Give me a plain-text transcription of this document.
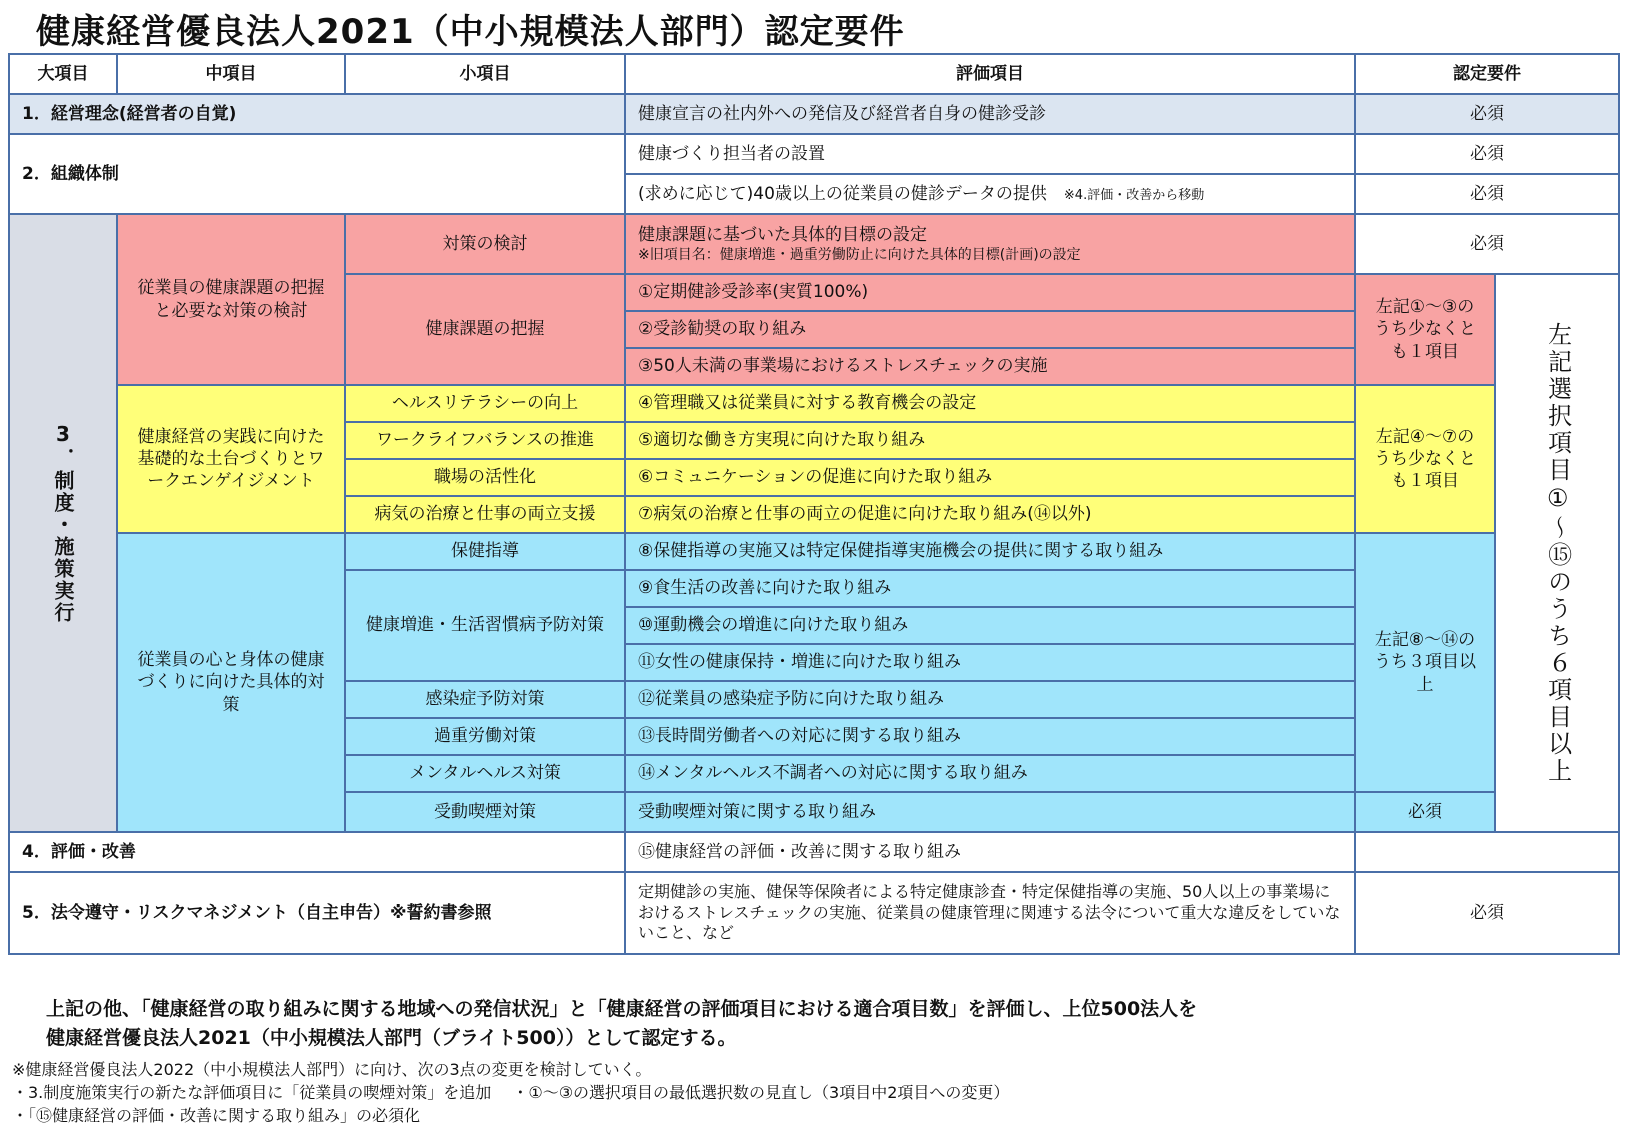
健康経営優良法人2021（中小規模法人部門）認定要件
大項目	中項目	小項目	評価項目	認定要件	
1．経営理念(経営者の自覚)			健康宣言の社内外への発信及び経営者自身の健診受診	必須	
2．組織体制			健康づくり担当者の設置	必須	
			(求めに応じて)40歳以上の従業員の健診データの提供　 ※4.評価・改善から移動	必須	

3．制度・施策実行	従業員の健康課題の把握と必要な対策の検討	対策の検討	健康課題に基づいた具体的目標の設定
※旧項目名：健康増進・過重労働防止に向けた具体的目標(計画)の設定	必須	
		健康課題の把握	①定期健診受診率(実質100%)	左記①～③のうち少なくとも１項目	左記選択項目①～⑮のうち６項目以上

			②受診勧奨の取り組み		
			③50人未満の事業場におけるストレスチェックの実施		
	健康経営の実践に向けた基礎的な土台づくりとワークエンゲイジメント	ヘルスリテラシーの向上	④管理職又は従業員に対する教育機会の設定	左記④～⑦のうち少なくとも１項目	
		ワークライフバランスの推進	⑤適切な働き方実現に向けた取り組み		
		職場の活性化	⑥コミュニケーションの促進に向けた取り組み		
		病気の治療と仕事の両立支援	⑦病気の治療と仕事の両立の促進に向けた取り組み(⑭以外)		
	従業員の心と身体の健康づくりに向けた具体的対策	保健指導	⑧保健指導の実施又は特定保健指導実施機会の提供に関する取り組み	左記⑧～⑭のうち３項目以上	
		健康増進・生活習慣病予防対策	⑨食生活の改善に向けた取り組み		
			⑩運動機会の増進に向けた取り組み		
			⑪女性の健康保持・増進に向けた取り組み		
		感染症予防対策	⑫従業員の感染症予防に向けた取り組み		
		過重労働対策	⑬長時間労働者への対応に関する取り組み		
		メンタルヘルス対策	⑭メンタルヘルス不調者への対応に関する取り組み		
		受動喫煙対策	受動喫煙対策に関する取り組み	必須	
4．評価・改善			⑮健康経営の評価・改善に関する取り組み		
5．法令遵守・リスクマネジメント（自主申告）※誓約書参照			定期健診の実施、健保等保険者による特定健康診査・特定保健指導の実施、50人以上の事業場におけるストレスチェックの実施、従業員の健康管理に関連する法令について重大な違反をしていないこと、など	必須	
上記の他、「健康経営の取り組みに関する地域への発信状況」と「健康経営の評価項目における適合項目数」を評価し、上位500法人を
健康経営優良法人2021（中小規模法人部門（ブライト500））として認定する。
※健康経営優良法人2022（中小規模法人部門）に向け、次の3点の変更を検討していく。
・3.制度施策実行の新たな評価項目に「従業員の喫煙対策」を追加　 ・①～③の選択項目の最低選択数の見直し（3項目中2項目への変更）
・「⑮健康経営の評価・改善に関する取り組み」の必須化
